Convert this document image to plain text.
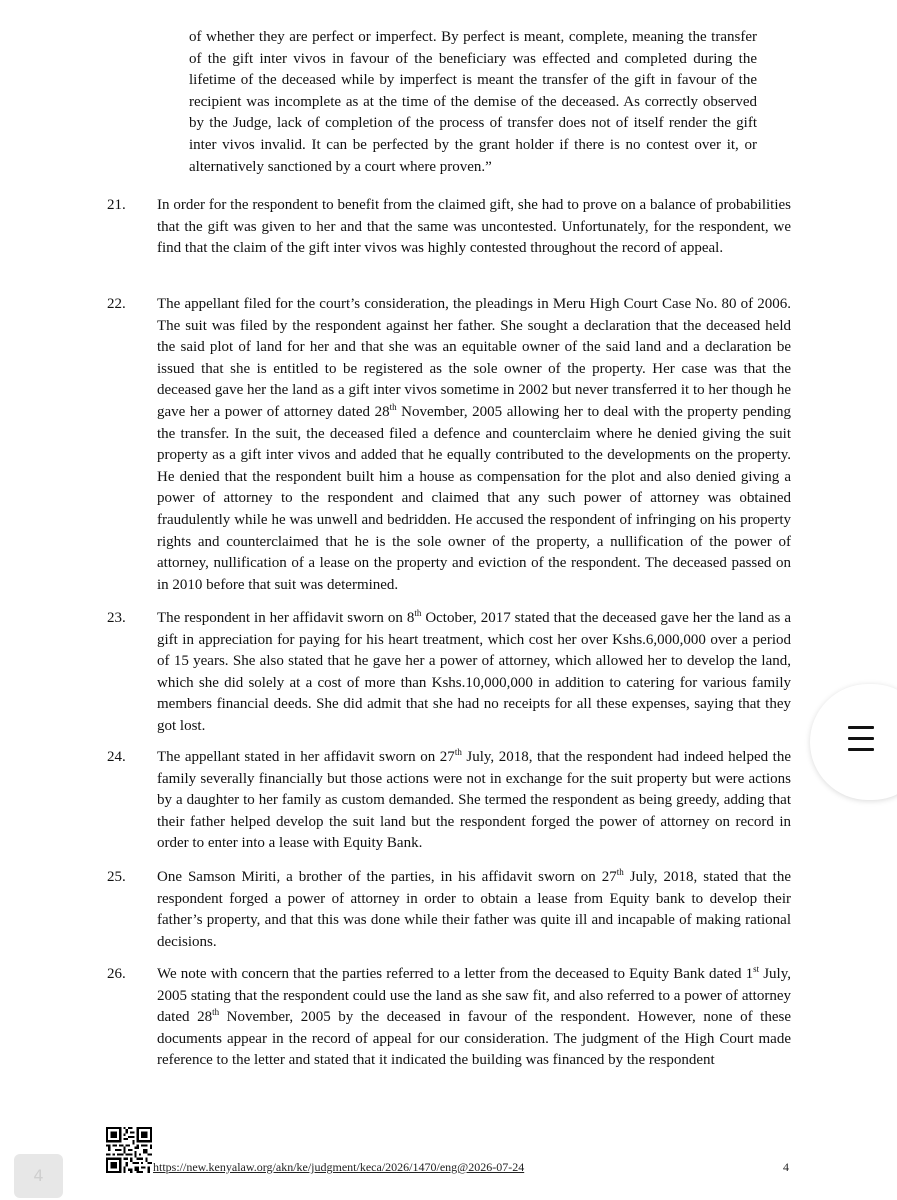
of whether they are perfect or imperfect. By perfect is meant, complete, meaning the transfer of the gift inter vivos in favour of the beneficiary was effected and completed during the lifetime of the deceased while by imperfect is meant the transfer of the gift in favour of the recipient was incomplete as at the time of the demise of the deceased. As correctly observed by the Judge, lack of completion of the process of transfer does not of itself render the gift inter vivos invalid. It can be perfected by the grant holder if there is no contest over it, or alternatively sanctioned by a court where proven.”
21. In order for the respondent to benefit from the claimed gift, she had to prove on a balance of probabilities that the gift was given to her and that the same was uncontested. Unfortunately, for the respondent, we find that the claim of the gift inter vivos was highly contested throughout the record of appeal.
22. The appellant filed for the court’s consideration, the pleadings in Meru High Court Case No. 80 of 2006. The suit was filed by the respondent against her father. She sought a declaration that the deceased held the said plot of land for her and that she was an equitable owner of the said land and a declaration be issued that she is entitled to be registered as the sole owner of the property. Her case was that the deceased gave her the land as a gift inter vivos sometime in 2002 but never transferred it to her though he gave her a power of attorney dated 28th November, 2005 allowing her to deal with the property pending the transfer. In the suit, the deceased filed a defence and counterclaim where he denied giving the suit property as a gift inter vivos and added that he equally contributed to the developments on the property. He denied that the respondent built him a house as compensation for the plot and also denied giving a power of attorney to the respondent and claimed that any such power of attorney was obtained fraudulently while he was unwell and bedridden. He accused the respondent of infringing on his property rights and counterclaimed that he is the sole owner of the property, a nullification of the power of attorney, nullification of a lease on the property and eviction of the respondent. The deceased passed on in 2010 before that suit was determined.
23. The respondent in her affidavit sworn on 8th October, 2017 stated that the deceased gave her the land as a gift in appreciation for paying for his heart treatment, which cost her over Kshs.6,000,000 over a period of 15 years. She also stated that he gave her a power of attorney, which allowed her to develop the land, which she did solely at a cost of more than Kshs.10,000,000 in addition to catering for various family members financial deeds. She did admit that she had no receipts for all these expenses, saying that they got lost.
24. The appellant stated in her affidavit sworn on 27th July, 2018, that the respondent had indeed helped the family severally financially but those actions were not in exchange for the suit property but were actions by a daughter to her family as custom demanded. She termed the respondent as being greedy, adding that their father helped develop the suit land but the respondent forged the power of attorney on record in order to enter into a lease with Equity Bank.
25. One Samson Miriti, a brother of the parties, in his affidavit sworn on 27th July, 2018, stated that the respondent forged a power of attorney in order to obtain a lease from Equity bank to develop their father’s property, and that this was done while their father was quite ill and incapable of making rational decisions.
26. We note with concern that the parties referred to a letter from the deceased to Equity Bank dated 1st July, 2005 stating that the respondent could use the land as she saw fit, and also referred to a power of attorney dated 28th November, 2005 by the deceased in favour of the respondent. However, none of these documents appear in the record of appeal for our consideration. The judgment of the High Court made reference to the letter and stated that it indicated the building was financed by the respondent
https://new.kenyalaw.org/akn/ke/judgment/keca/2026/1470/eng@2026-07-24	4
4
